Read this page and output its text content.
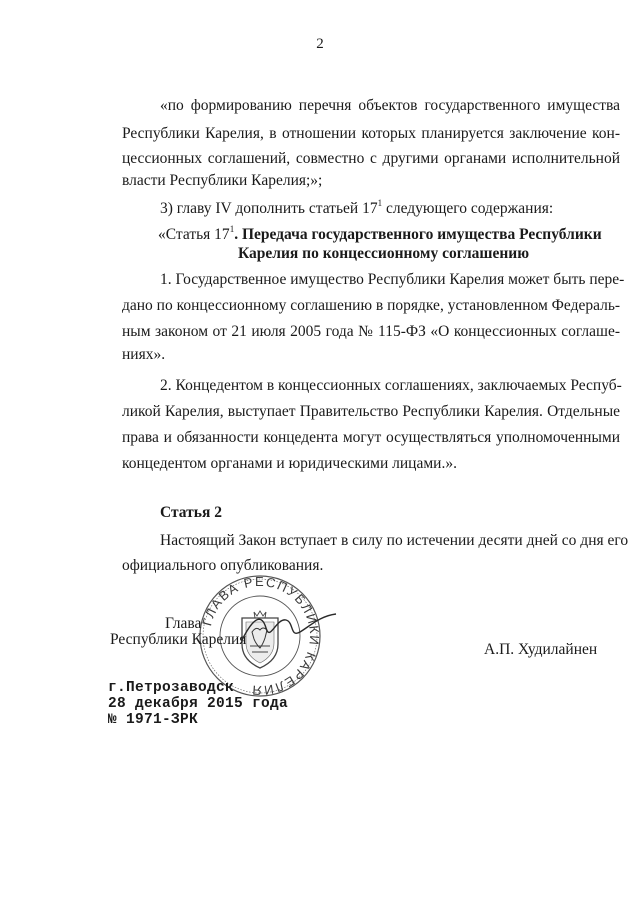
2
«по формированию перечня объектов государственного имущества
Республики Карелия, в отношении которых планируется заключение кон-
цессионных соглашений, совместно с другими органами исполнительной
власти Республики Карелия;»;
3) главу IV дополнить статьей $17^1$ следующего содержания:
«Статья $17^1$. Передача государственного имущества Республики
Карелия по концессионному соглашению
1. Государственное имущество Республики Карелия может быть пере-
дано по концессионному соглашению в порядке, установленном Федераль-
ным законом от 21 июля 2005 года № 115-ФЗ «О концессионных соглаше-
ниях».
2. Концедентом в концессионных соглашениях, заключаемых Респуб-
ликой Карелия, выступает Правительство Республики Карелия. Отдельные
права и обязанности концедента могут осуществляться уполномоченными
концедентом органами и юридическими лицами.».
Статья 2
Настоящий Закон вступает в силу по истечении десяти дней со дня его
официального опубликования.
ГЛАВА РЕСПУБЛИКИ КАРЕЛИЯ
Глава
Республики Карелия
А.П. Худилайнен
г.Петрозаводск
28 декабря 2015 года
№ 1971-ЗРК
